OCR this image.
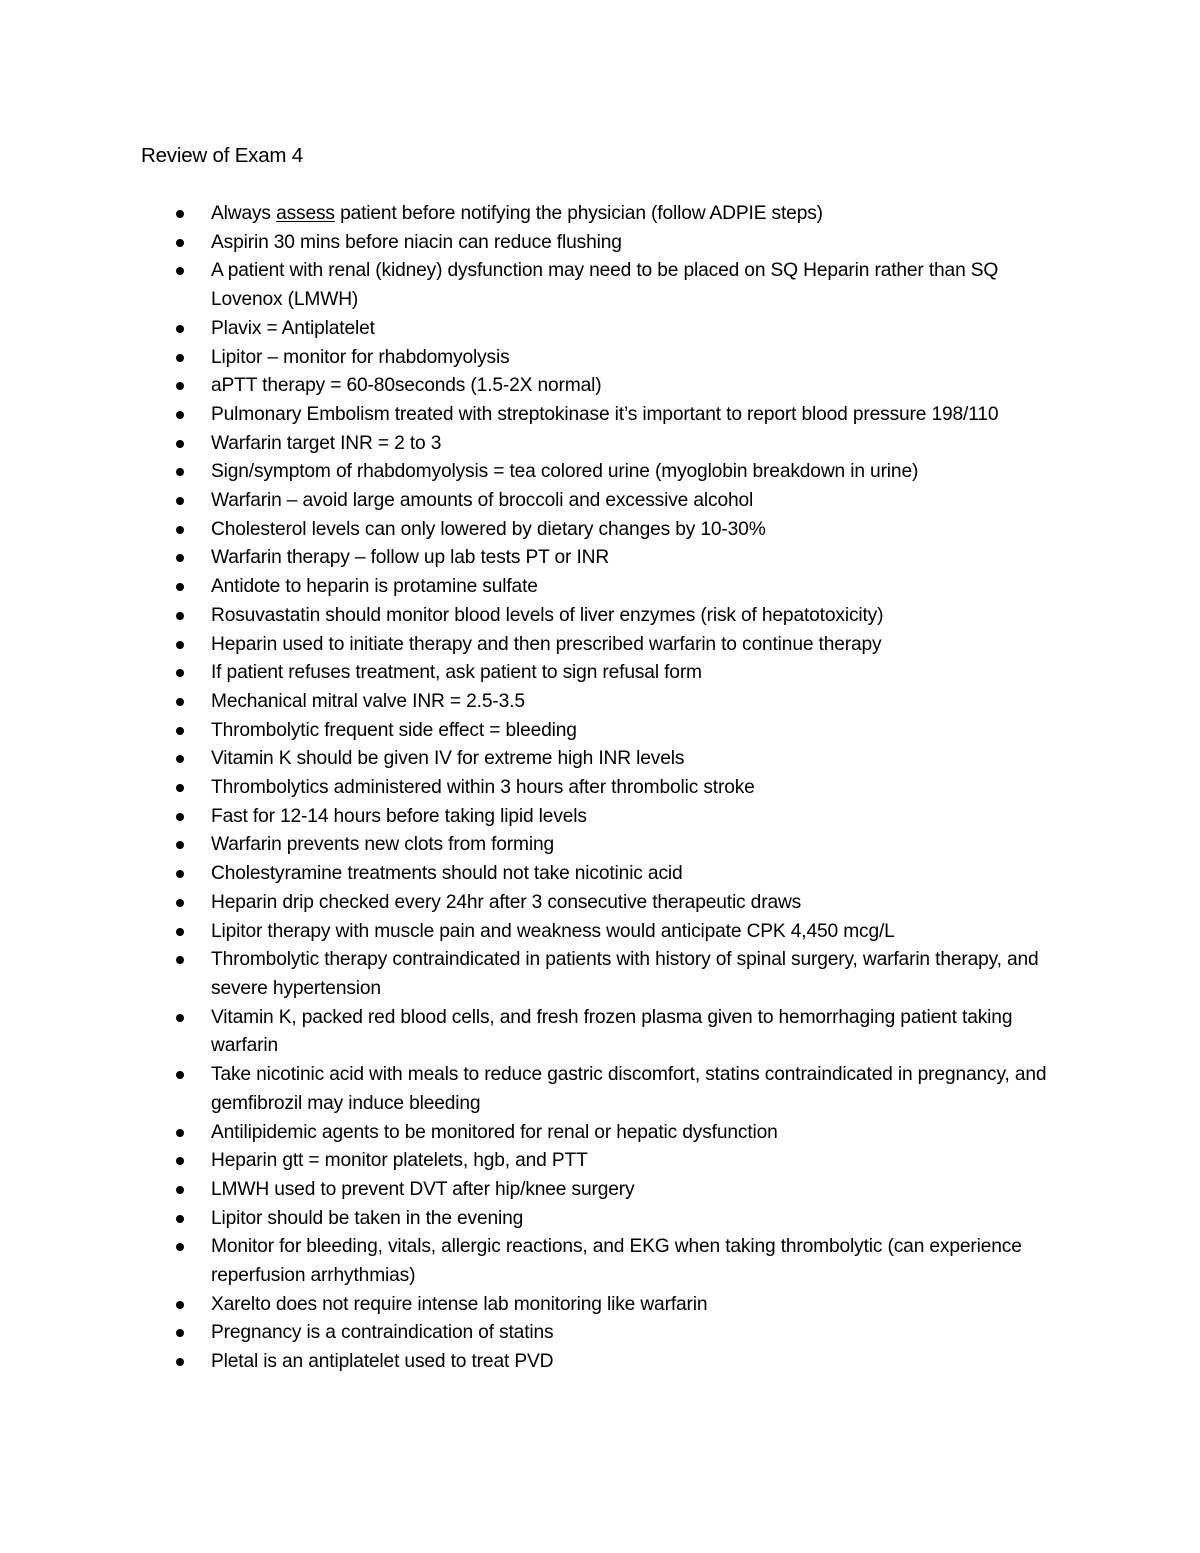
Review of Exam 4
Always assess patient before notifying the physician (follow ADPIE steps)
Aspirin 30 mins before niacin can reduce flushing
A patient with renal (kidney) dysfunction may need to be placed on SQ Heparin rather than SQ Lovenox (LMWH)
Plavix = Antiplatelet
Lipitor – monitor for rhabdomyolysis
aPTT therapy = 60-80seconds (1.5-2X normal)
Pulmonary Embolism treated with streptokinase it’s important to report blood pressure 198/110
Warfarin target INR = 2 to 3
Sign/symptom of rhabdomyolysis = tea colored urine (myoglobin breakdown in urine)
Warfarin – avoid large amounts of broccoli and excessive alcohol
Cholesterol levels can only lowered by dietary changes by 10-30%
Warfarin therapy – follow up lab tests PT or INR
Antidote to heparin is protamine sulfate
Rosuvastatin should monitor blood levels of liver enzymes (risk of hepatotoxicity)
Heparin used to initiate therapy and then prescribed warfarin to continue therapy
If patient refuses treatment, ask patient to sign refusal form
Mechanical mitral valve INR = 2.5-3.5
Thrombolytic frequent side effect = bleeding
Vitamin K should be given IV for extreme high INR levels
Thrombolytics administered within 3 hours after thrombolic stroke
Fast for 12-14 hours before taking lipid levels
Warfarin prevents new clots from forming
Cholestyramine treatments should not take nicotinic acid
Heparin drip checked every 24hr after 3 consecutive therapeutic draws
Lipitor therapy with muscle pain and weakness would anticipate CPK 4,450 mcg/L
Thrombolytic therapy contraindicated in patients with history of spinal surgery, warfarin therapy, and severe hypertension
Vitamin K, packed red blood cells, and fresh frozen plasma given to hemorrhaging patient taking warfarin
Take nicotinic acid with meals to reduce gastric discomfort, statins contraindicated in pregnancy, and gemfibrozil may induce bleeding
Antilipidemic agents to be monitored for renal or hepatic dysfunction
Heparin gtt = monitor platelets, hgb, and PTT
LMWH used to prevent DVT after hip/knee surgery
Lipitor should be taken in the evening
Monitor for bleeding, vitals, allergic reactions, and EKG when taking thrombolytic (can experience reperfusion arrhythmias)
Xarelto does not require intense lab monitoring like warfarin
Pregnancy is a contraindication of statins
Pletal is an antiplatelet used to treat PVD
